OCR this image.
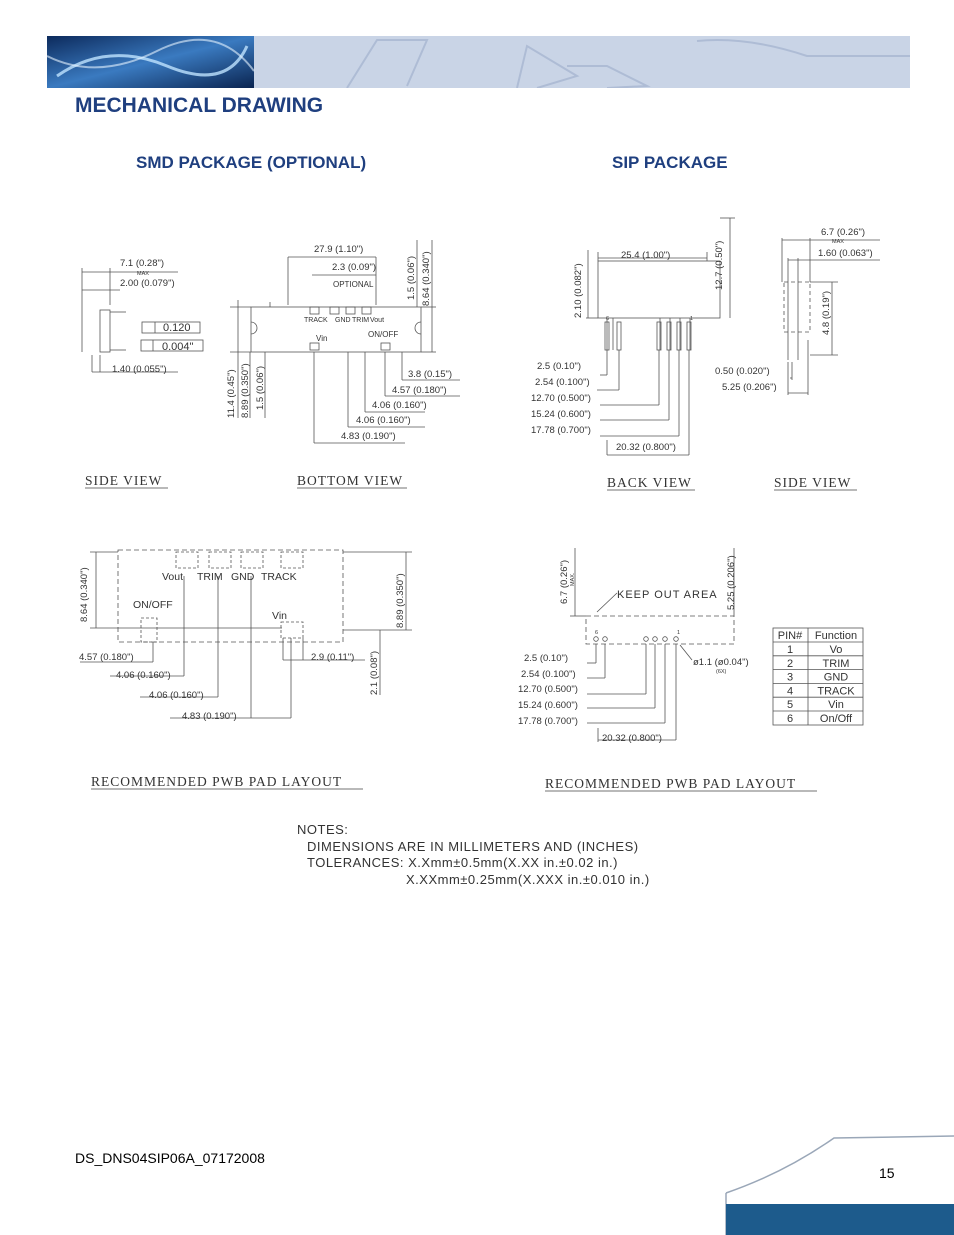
MECHANICAL DRAWING
SMD PACKAGE (OPTIONAL)	SIP PACKAGE
7.1 (0.28")
MAX
2.00 (0.079")
1.40 (0.055")
0.120
0.004"
27.9 (1.10")
2.3 (0.09")
OPTIONAL	1.5 (0.06") 8.64 (0.340")
TRACK GND TRIM Vout
Vin	ON/OFF
11.4 (0.45") 8.89 (0.350") 1.5 (0.06")	3.8 (0.15")
4.57 (0.180")
4.06 (0.160")
4.06 (0.160")
4.83 (0.190")
25.4 (1.00")	12.7 (0.50")
2.10 (0.082")
6	1
2.5 (0.10")
2.54 (0.100")
12.70 (0.500")
15.24 (0.600")
17.78 (0.700")
20.32 (0.800")
6.7 (0.26")
MAX
1.60 (0.063")
4.8 (0.19")
0.50 (0.020")
5.25 (0.206")
SIDE VIEW	BOTTOM VIEW	BACK VIEW	SIDE VIEW
8.64 (0.340")	8.89 (0.350")
Vout TRIM GND TRACK
ON/OFF
Vin
4.57 (0.180")
4.06 (0.160")
4.06 (0.160")
4.83 (0.190")
2.9 (0.11") 2.1 (0.08")
6.7 (0.26") MAX.	5.25 (0.206")
KEEP OUT AREA
6	1
ø1.1 (ø0.04")
(6X)
2.5 (0.10")
2.54 (0.100")
12.70 (0.500")
15.24 (0.600")
17.78 (0.700")
20.32 (0.800")
PIN# Function
1	Vo
2	TRIM
3	GND
4 TRACK
5	Vin
6 On/Off
RECOMMENDED PWB PAD LAYOUT	RECOMMENDED PWB PAD LAYOUT
NOTES:
DIMENSIONS ARE IN MILLIMETERS AND (INCHES)
TOLERANCES: X.Xmm±0.5mm(X.XX in.±0.02 in.)
X.XXmm±0.25mm(X.XXX in.±0.010 in.)
DS_DNS04SIP06A_07172008
15
